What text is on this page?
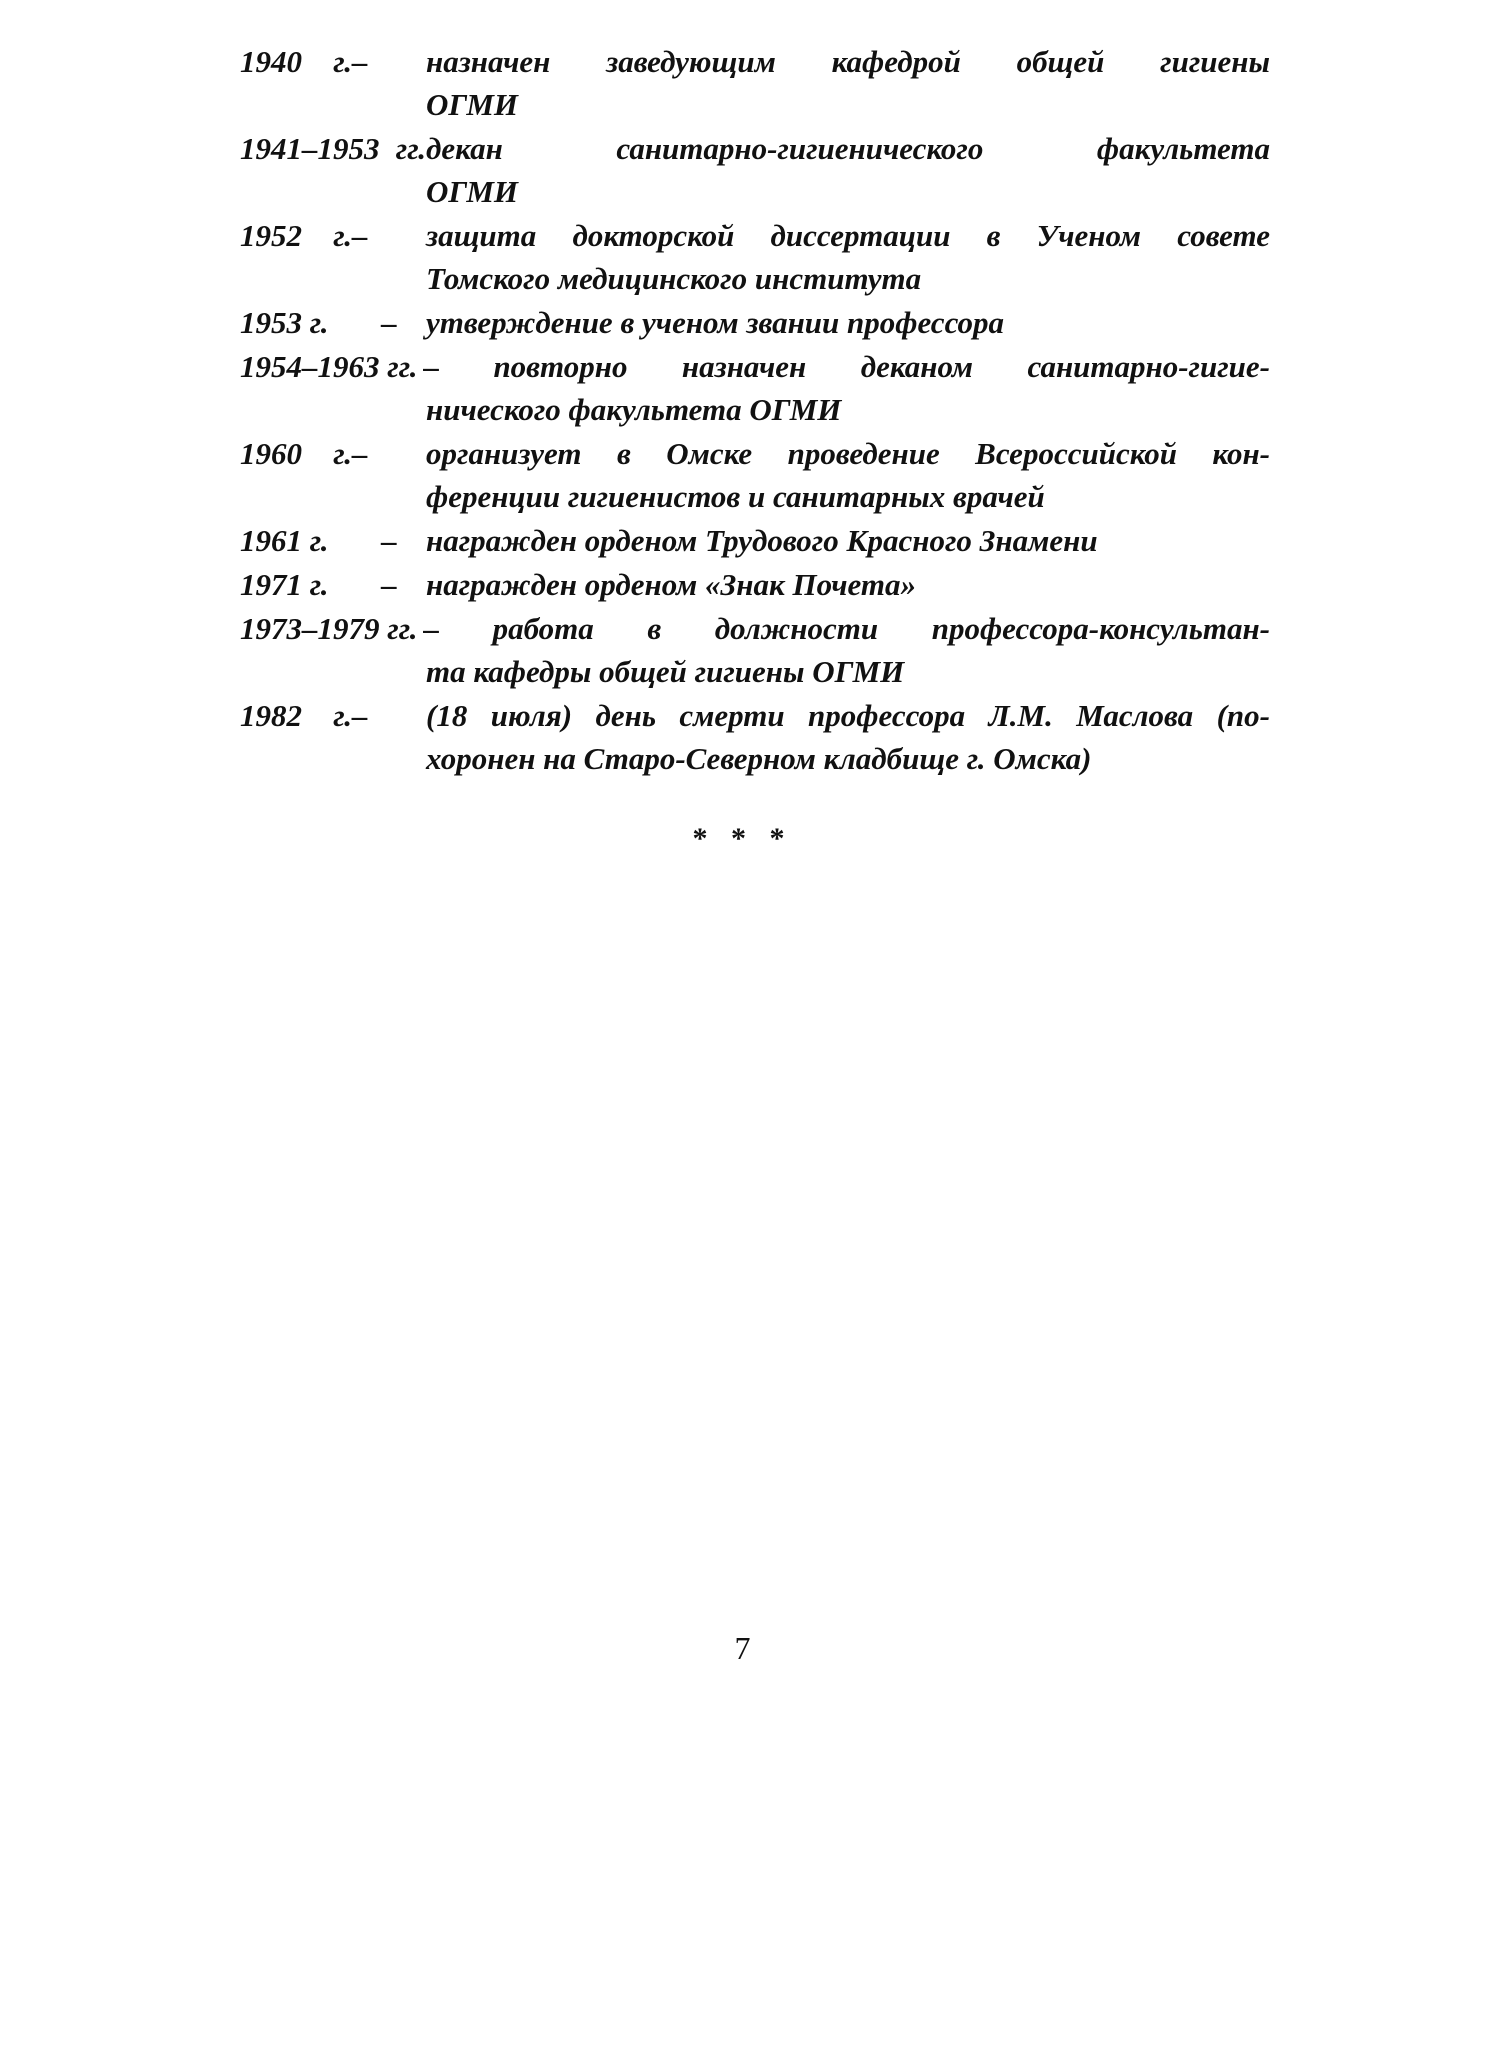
1940 г.– назначен заведующим кафедрой общей гигиены
ОГМИ
1941–1953 гг.декан санитарно-гигиенического факультета
ОГМИ
1952 г.– защита докторской диссертации в Ученом совете
Томского медицинского института
1953 г. – утверждение в ученом звании профессора
1954–1963 гг. – повторно назначен деканом санитарно-гигие-
нического факультета ОГМИ
1960 г.– организует в Омске проведение Всероссийской кон-
ференции гигиенистов и санитарных врачей
1961 г. – награжден орденом Трудового Красного Знамени
1971 г. – награжден орденом «Знак Почета»
1973–1979 гг. – работа в должности профессора-консультан-
та кафедры общей гигиены ОГМИ
1982 г.– (18 июля) день смерти профессора Л.М. Маслова (по-
хоронен на Старо-Северном кладбище г. Омска)
* * *
7
